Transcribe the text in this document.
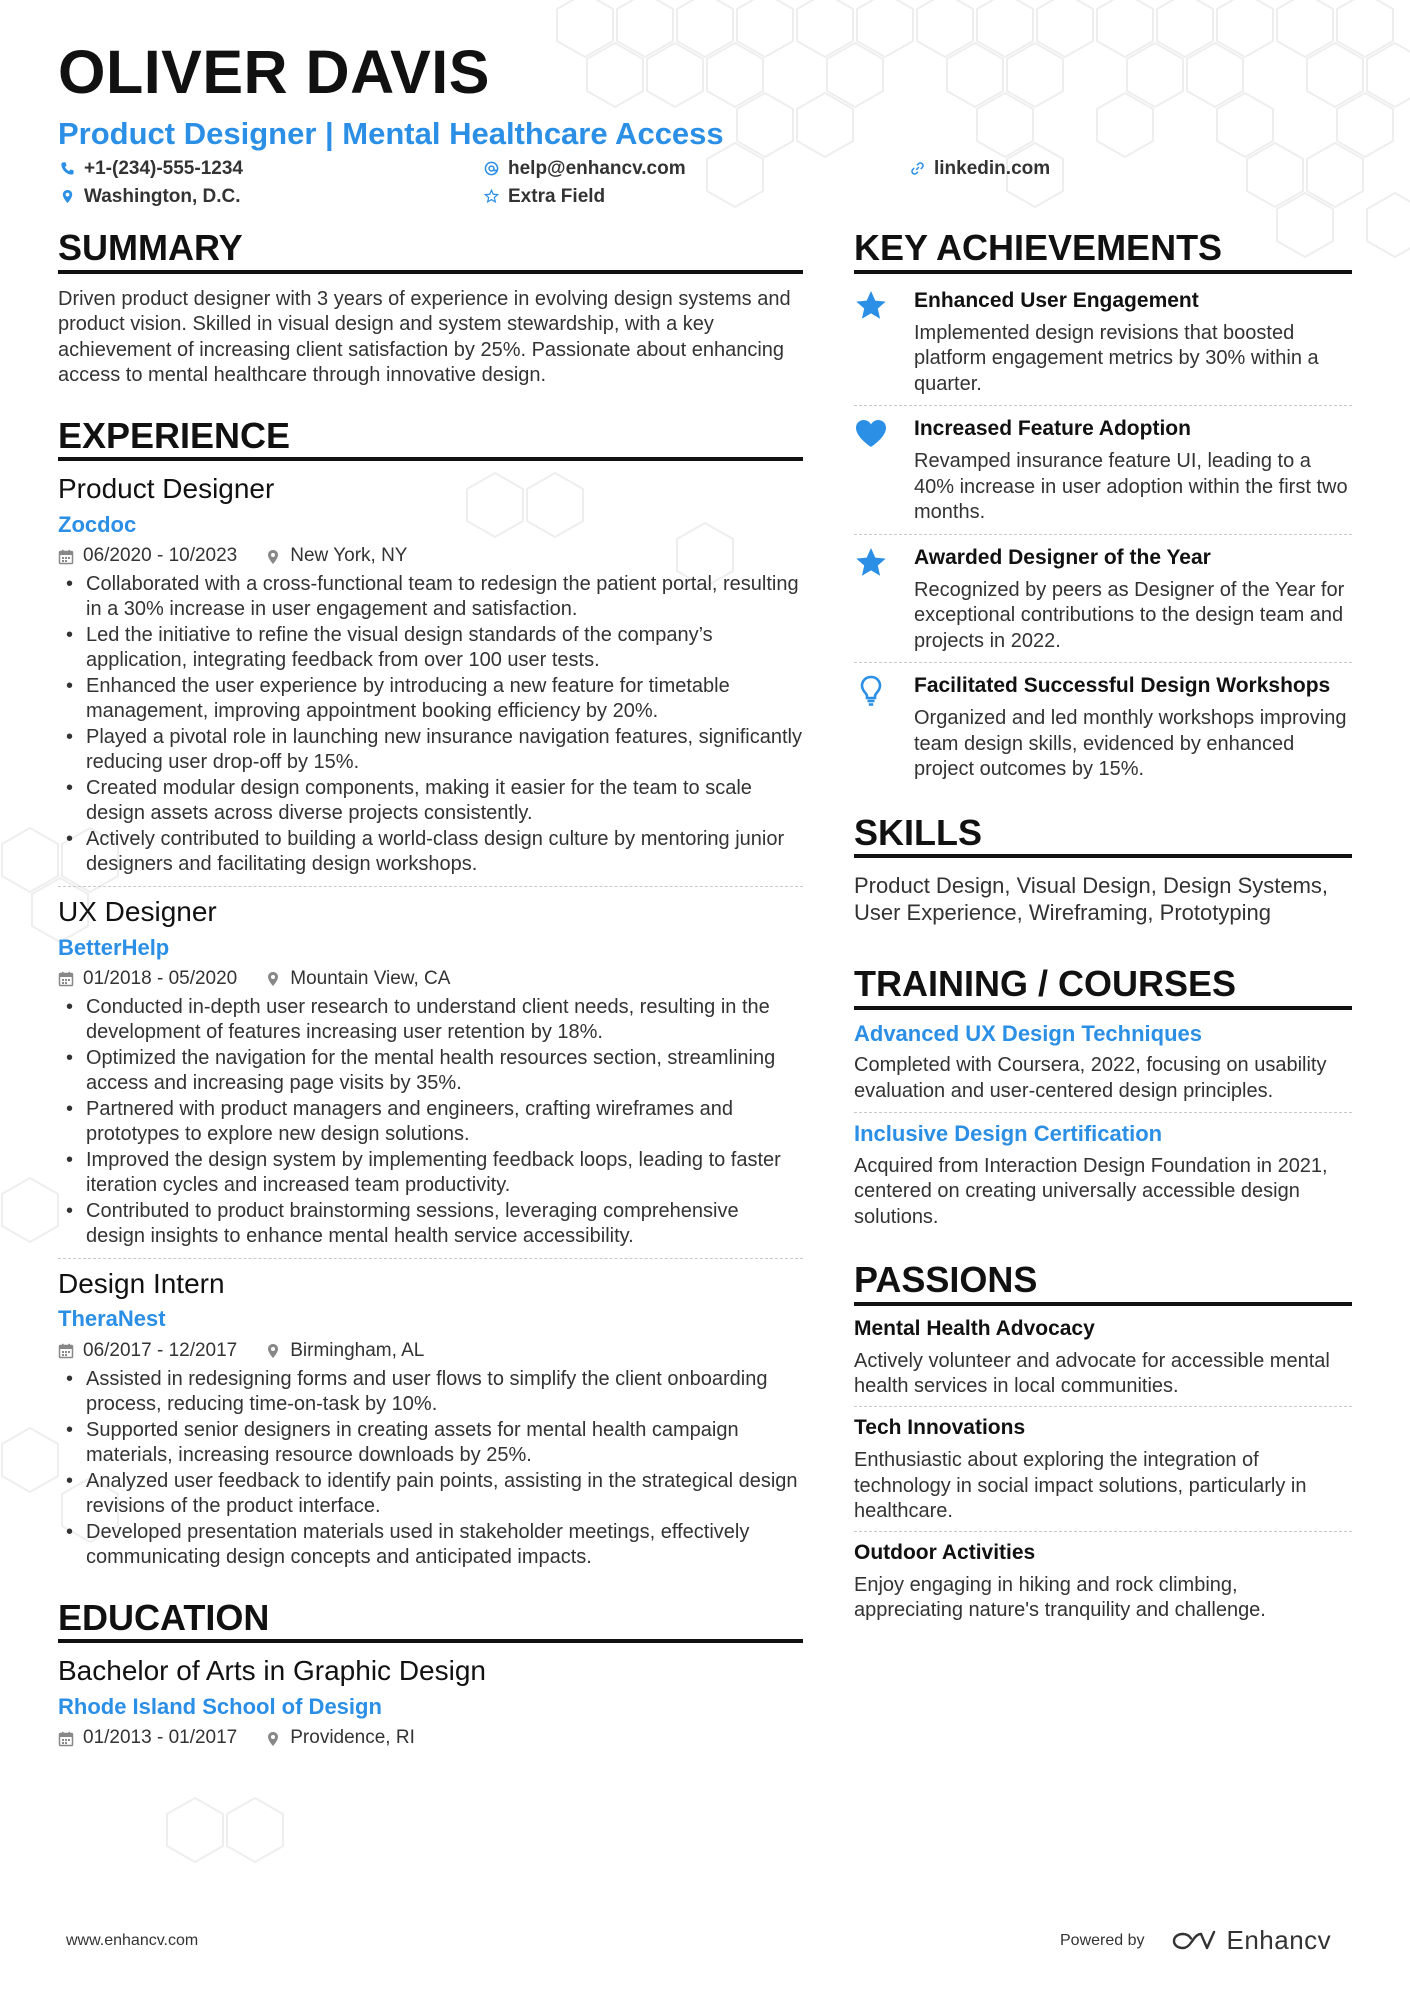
OLIVER DAVIS
Product Designer | Mental Healthcare Access
+1-(234)-555-1234	help@enhancv.com	linkedin.com
Washington, D.C.	Extra Field
SUMMARY
Driven product designer with 3 years of experience in evolving design systems and product vision. Skilled in visual design and system stewardship, with a key achievement of increasing client satisfaction by 25%. Passionate about enhancing access to mental healthcare through innovative design.
EXPERIENCE
Product Designer
Zocdoc
06/2020 - 10/2023	New York, NY
• Collaborated with a cross-functional team to redesign the patient portal, resulting in a 30% increase in user engagement and satisfaction.
• Led the initiative to refine the visual design standards of the company’s application, integrating feedback from over 100 user tests.
• Enhanced the user experience by introducing a new feature for timetable management, improving appointment booking efficiency by 20%.
• Played a pivotal role in launching new insurance navigation features, significantly reducing user drop-off by 15%.
• Created modular design components, making it easier for the team to scale design assets across diverse projects consistently.
• Actively contributed to building a world-class design culture by mentoring junior designers and facilitating design workshops.
UX Designer
BetterHelp
01/2018 - 05/2020	Mountain View, CA
• Conducted in-depth user research to understand client needs, resulting in the development of features increasing user retention by 18%.
• Optimized the navigation for the mental health resources section, streamlining access and increasing page visits by 35%.
• Partnered with product managers and engineers, crafting wireframes and prototypes to explore new design solutions.
• Improved the design system by implementing feedback loops, leading to faster iteration cycles and increased team productivity.
• Contributed to product brainstorming sessions, leveraging comprehensive design insights to enhance mental health service accessibility.
Design Intern
TheraNest
06/2017 - 12/2017	Birmingham, AL
• Assisted in redesigning forms and user flows to simplify the client onboarding process, reducing time-on-task by 10%.
• Supported senior designers in creating assets for mental health campaign materials, increasing resource downloads by 25%.
• Analyzed user feedback to identify pain points, assisting in the strategical design revisions of the product interface.
• Developed presentation materials used in stakeholder meetings, effectively communicating design concepts and anticipated impacts.
EDUCATION
Bachelor of Arts in Graphic Design
Rhode Island School of Design
01/2013 - 01/2017	Providence, RI
KEY ACHIEVEMENTS
Enhanced User Engagement
Implemented design revisions that boosted platform engagement metrics by 30% within a quarter.
Increased Feature Adoption
Revamped insurance feature UI, leading to a 40% increase in user adoption within the first two months.
Awarded Designer of the Year
Recognized by peers as Designer of the Year for exceptional contributions to the design team and projects in 2022.
Facilitated Successful Design Workshops
Organized and led monthly workshops improving team design skills, evidenced by enhanced project outcomes by 15%.
SKILLS
Product Design, Visual Design, Design Systems, User Experience, Wireframing, Prototyping
TRAINING / COURSES
Advanced UX Design Techniques
Completed with Coursera, 2022, focusing on usability evaluation and user-centered design principles.
Inclusive Design Certification
Acquired from Interaction Design Foundation in 2021, centered on creating universally accessible design solutions.
PASSIONS
Mental Health Advocacy
Actively volunteer and advocate for accessible mental health services in local communities.
Tech Innovations
Enthusiastic about exploring the integration of technology in social impact solutions, particularly in healthcare.
Outdoor Activities
Enjoy engaging in hiking and rock climbing, appreciating nature's tranquility and challenge.
www.enhancv.com	Powered by	Enhancv
